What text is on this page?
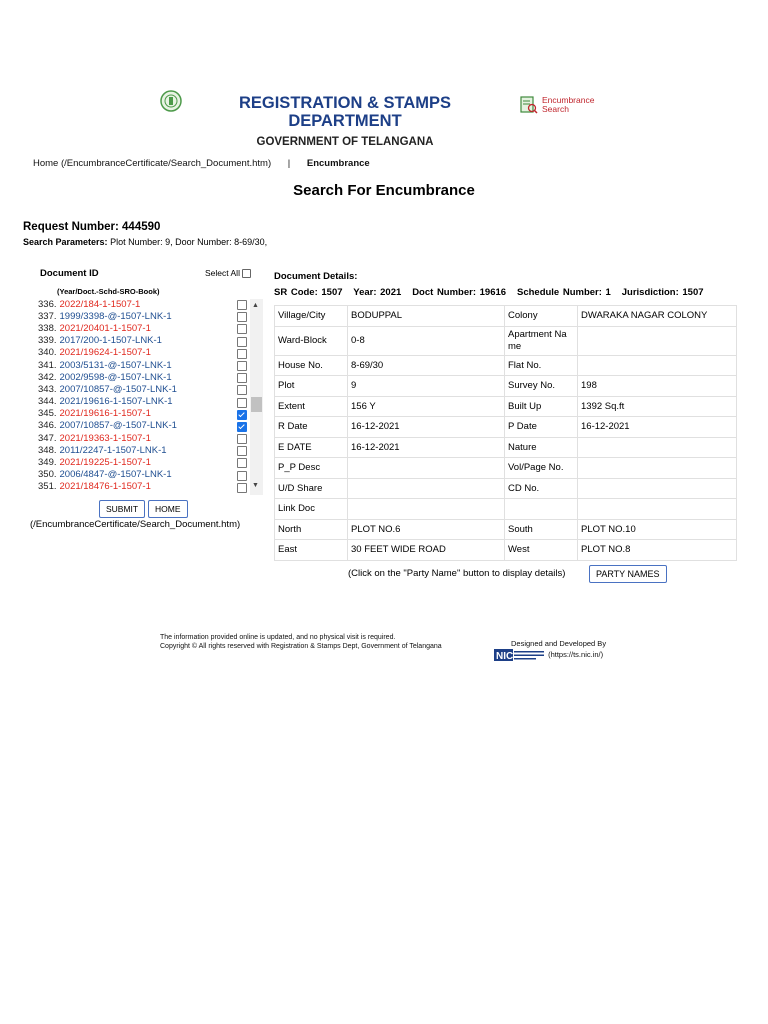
REGISTRATION & STAMPS
DEPARTMENT
GOVERNMENT OF TELANGANA
Encumbrance
Search
Home (/EncumbranceCertificate/Search_Document.htm) | Encumbrance
Search For Encumbrance
Request Number: 444590
Search Parameters: Plot Number: 9, Door Number: 8-69/30,
Document ID	Select All
(Year/Doct.-Schd-SRO-Book)
336. 2022/184-1-1507-1
337. 1999/3398-@-1507-LNK-1
338. 2021/20401-1-1507-1
339. 2017/200-1-1507-LNK-1
340. 2021/19624-1-1507-1
341. 2003/5131-@-1507-LNK-1
342. 2002/9598-@-1507-LNK-1
343. 2007/10857-@-1507-LNK-1
344. 2021/19616-1-1507-LNK-1
345. 2021/19616-1-1507-1
346. 2007/10857-@-1507-LNK-1
347. 2021/19363-1-1507-1
348. 2011/2247-1-1507-LNK-1
349. 2021/19225-1-1507-1
350. 2006/4847-@-1507-LNK-1
351. 2021/18476-1-1507-1
▲
▼
SUBMIT	HOME
(/EncumbranceCertificate/Search_Document.htm)
Document Details:
SR Code: 1507   Year: 2021   Doct Number: 19616   Schedule Number: 1   Jurisdiction: 1507
Village/City	BODUPPAL	Colony	DWARAKA NAGAR COLONY
Ward-Block	0-8	Apartment Na me	
House No.	8-69/30	Flat No.	
Plot	9	Survey No.	198
Extent	156 Y	Built Up	1392 Sq.ft
R Date	16-12-2021	P Date	16-12-2021
E DATE	16-12-2021	Nature	
P_P Desc		Vol/Page No.	
U/D Share		CD No.	
Link Doc			
North	PLOT NO.6	South	PLOT NO.10
East	30 FEET WIDE ROAD	West	PLOT NO.8
(Click on the "Party Name" button to display details)	PARTY NAMES
The information provided online is updated, and no physical visit is required.
Copyright © All rights reserved with Registration & Stamps Dept, Government of Telangana	Designed and Developed By
NIC	(https://ts.nic.in/)
